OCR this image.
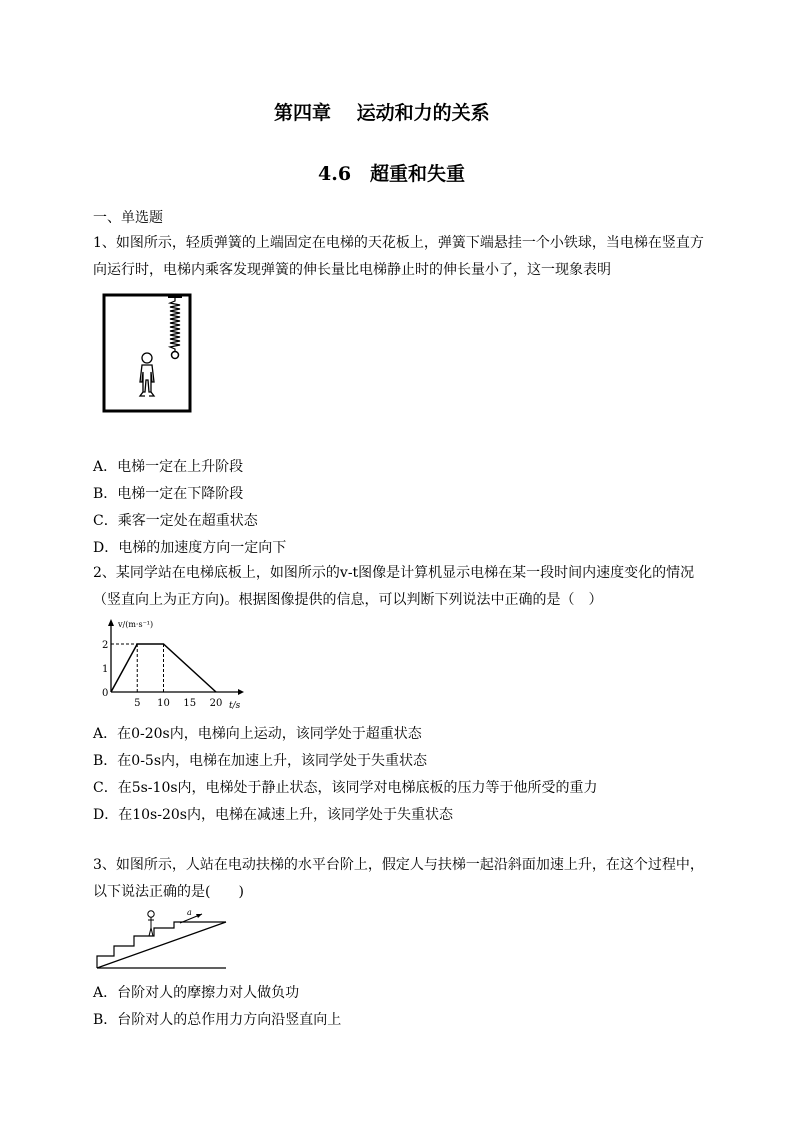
第四章　 运动和力的关系
4.6　超重和失重
一、单选题
1、如图所示，轻质弹簧的上端固定在电梯的天花板上，弹簧下端悬挂一个小铁球，当电梯在竖直方向运行时，电梯内乘客发现弹簧的伸长量比电梯静止时的伸长量小了，这一现象表明
A．电梯一定在上升阶段
B．电梯一定在下降阶段
C．乘客一定处在超重状态
D．电梯的加速度方向一定向下
2、某同学站在电梯底板上，如图所示的v-t图像是计算机显示电梯在某一段时间内速度变化的情况（竖直向上为正方向)。根据图像提供的信息，可以判断下列说法中正确的是（　）
v/(m·s⁻¹)
0
1
2
5 10 15 20 t/s
A．在0-20s内，电梯向上运动，该同学处于超重状态
B．在0-5s内，电梯在加速上升，该同学处于失重状态
C．在5s-10s内，电梯处于静止状态，该同学对电梯底板的压力等于他所受的重力
D．在10s-20s内，电梯在减速上升，该同学处于失重状态
3、如图所示，人站在电动扶梯的水平台阶上，假定人与扶梯一起沿斜面加速上升，在这个过程中，以下说法正确的是(　　)
a
A．台阶对人的摩擦力对人做负功
B．台阶对人的总作用力方向沿竖直向上
